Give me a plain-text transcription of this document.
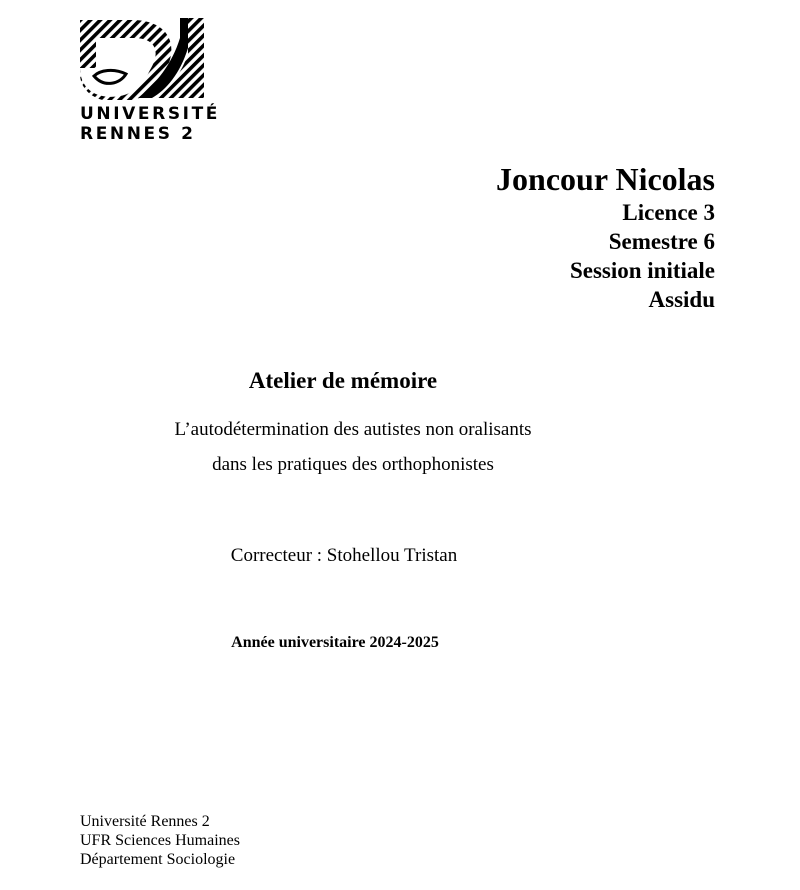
UNIVERSITÉ
RENNES 2
Joncour Nicolas
Licence 3
Semestre 6
Session initiale
Assidu
Atelier de mémoire
L’autodétermination des autistes non oralisants
dans les pratiques des orthophonistes
Correcteur : Stohellou Tristan
Année universitaire 2024-2025
Université Rennes 2
UFR Sciences Humaines
Département Sociologie
